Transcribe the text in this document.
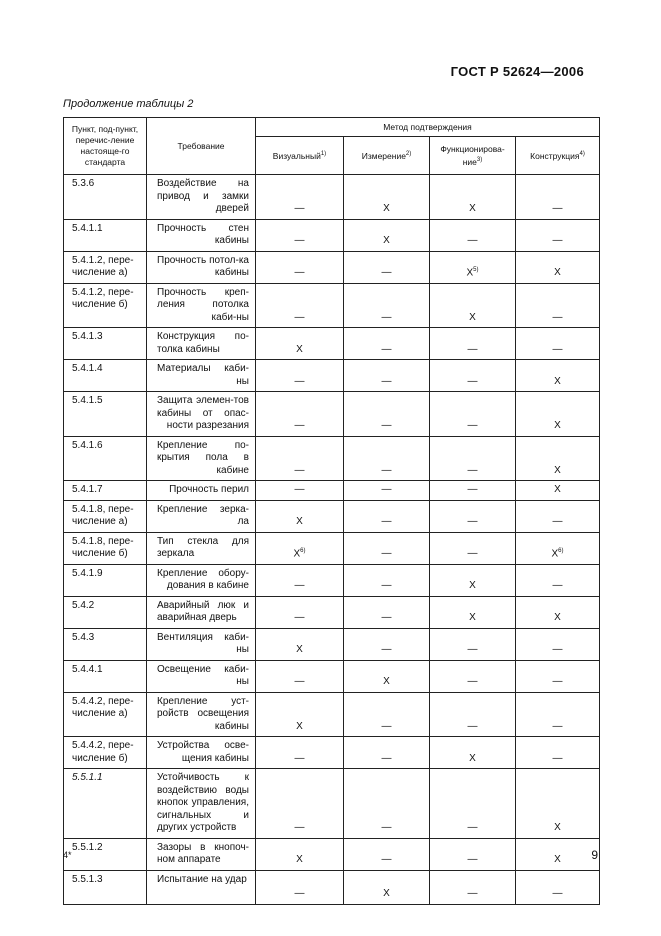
ГОСТ Р 52624—2006
Продолжение таблицы 2
Пункт, под-пункт, перечис-ление настояще-го стандарта	Требование	Метод подтверждения			
		Визуальный$^{1)}$	Измерение$^{2)}$	Функционирова-ние$^{3)}$	Конструкция$^{4)}$
5.3.6	Воздействие на привод и замки дверей	—	X	X	—
5.4.1.1	Прочность стен кабины	—	X	—	—
5.4.1.2, пере-числение а)	Прочность потол-ка кабины	—	—	$X^{5)}$	X
5.4.1.2, пере-числение б)	Прочность креп-ления потолка каби-ны	—	—	X	—
5.4.1.3	Конструкция по-толка кабины	X	—	—	—
5.4.1.4	Материалы каби-ны	—	—	—	X
5.4.1.5	Защита элемен-тов кабины от опас-ности разрезания	—	—	—	X
5.4.1.6	Крепление по-крытия пола в кабине	—	—	—	X
5.4.1.7	Прочность перил	—	—	—	X
5.4.1.8, пере-числение а)	Крепление зерка-ла	X	—	—	—
5.4.1.8, пере-числение б)	Тип стекла для зеркала	$X^{6)}$	—	—	$X^{6)}$
5.4.1.9	Крепление обору-дования в кабине	—	—	X	—
5.4.2	Аварийный люк и аварийная дверь	—	—	X	X
5.4.3	Вентиляция каби-ны	X	—	—	—
5.4.4.1	Освещение каби-ны	—	X	—	—
5.4.4.2, пере-числение а)	Крепление уст-ройств освещения кабины	X	—	—	—
5.4.4.2, пере-числение б)	Устройства осве-щения кабины	—	—	X	—
5.5.1.1	Устойчивость к воздействию воды кнопок управления, сигнальных и других устройств	—	—	—	X
5.5.1.2	Зазоры в кнопоч-ном аппарате	X	—	—	X
5.5.1.3	Испытание на удар	—	X	—	—
4*	9
